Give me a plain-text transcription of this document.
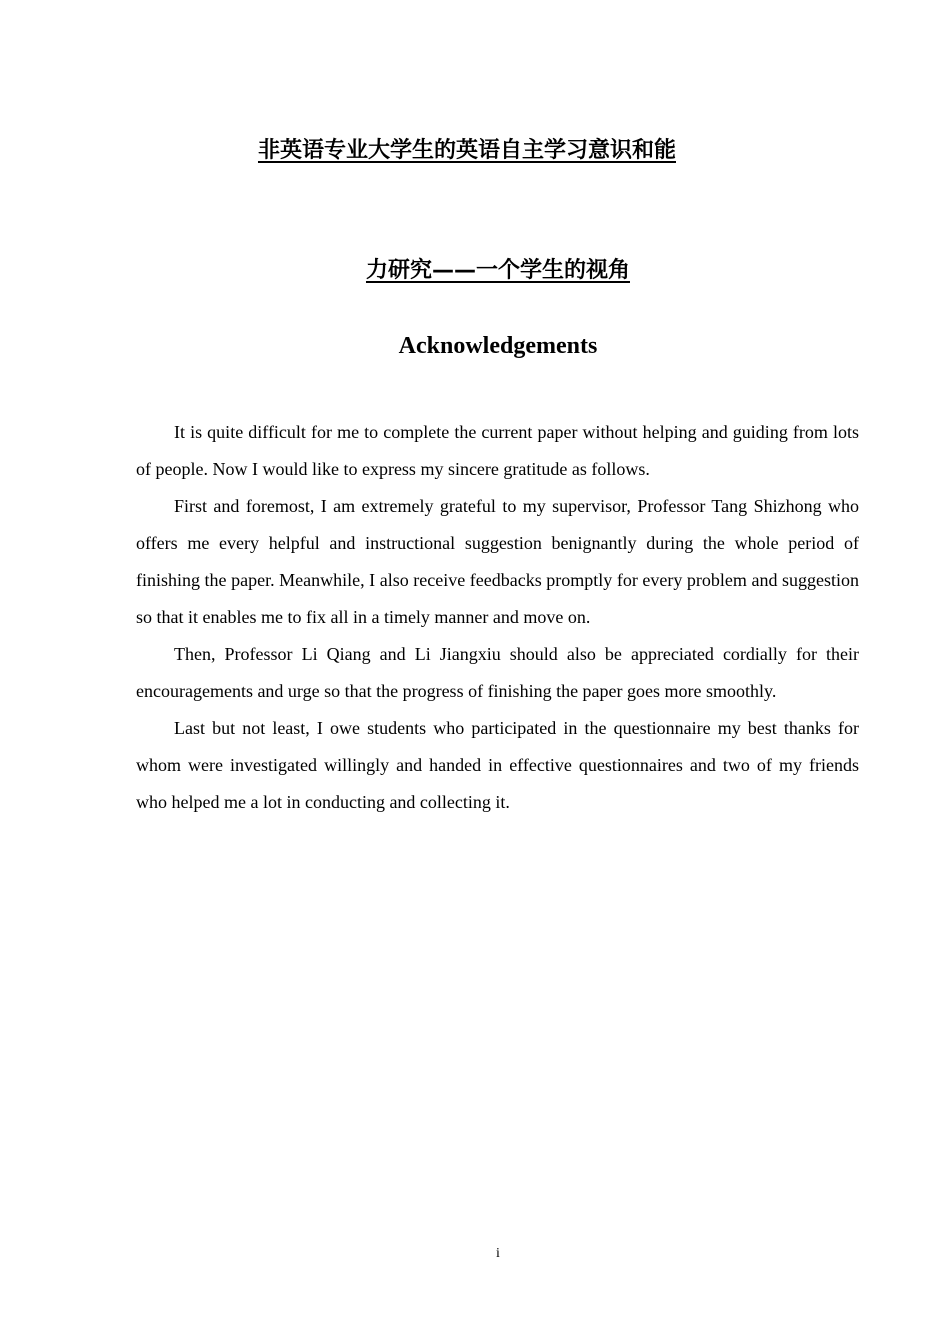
非英语专业大学生的英语自主学习意识和能
力研究——一个学生的视角
Acknowledgements

It is quite difficult for me to complete the current paper without helping and guiding from lots of people. Now I would like to express my sincere gratitude as follows.

First and foremost, I am extremely grateful to my supervisor, Professor Tang Shizhong who offers me every helpful and instructional suggestion benignantly during the whole period of finishing the paper. Meanwhile, I also receive feedbacks promptly for every problem and suggestion so that it enables me to fix all in a timely manner and move on.

Then, Professor Li Qiang and Li Jiangxiu should also be appreciated cordially for their encouragements and urge so that the progress of finishing the paper goes more smoothly.

Last but not least, I owe students who participated in the questionnaire my best thanks for whom were investigated willingly and handed in effective questionnaires and two of my friends who helped me a lot in conducting and collecting it.

i
